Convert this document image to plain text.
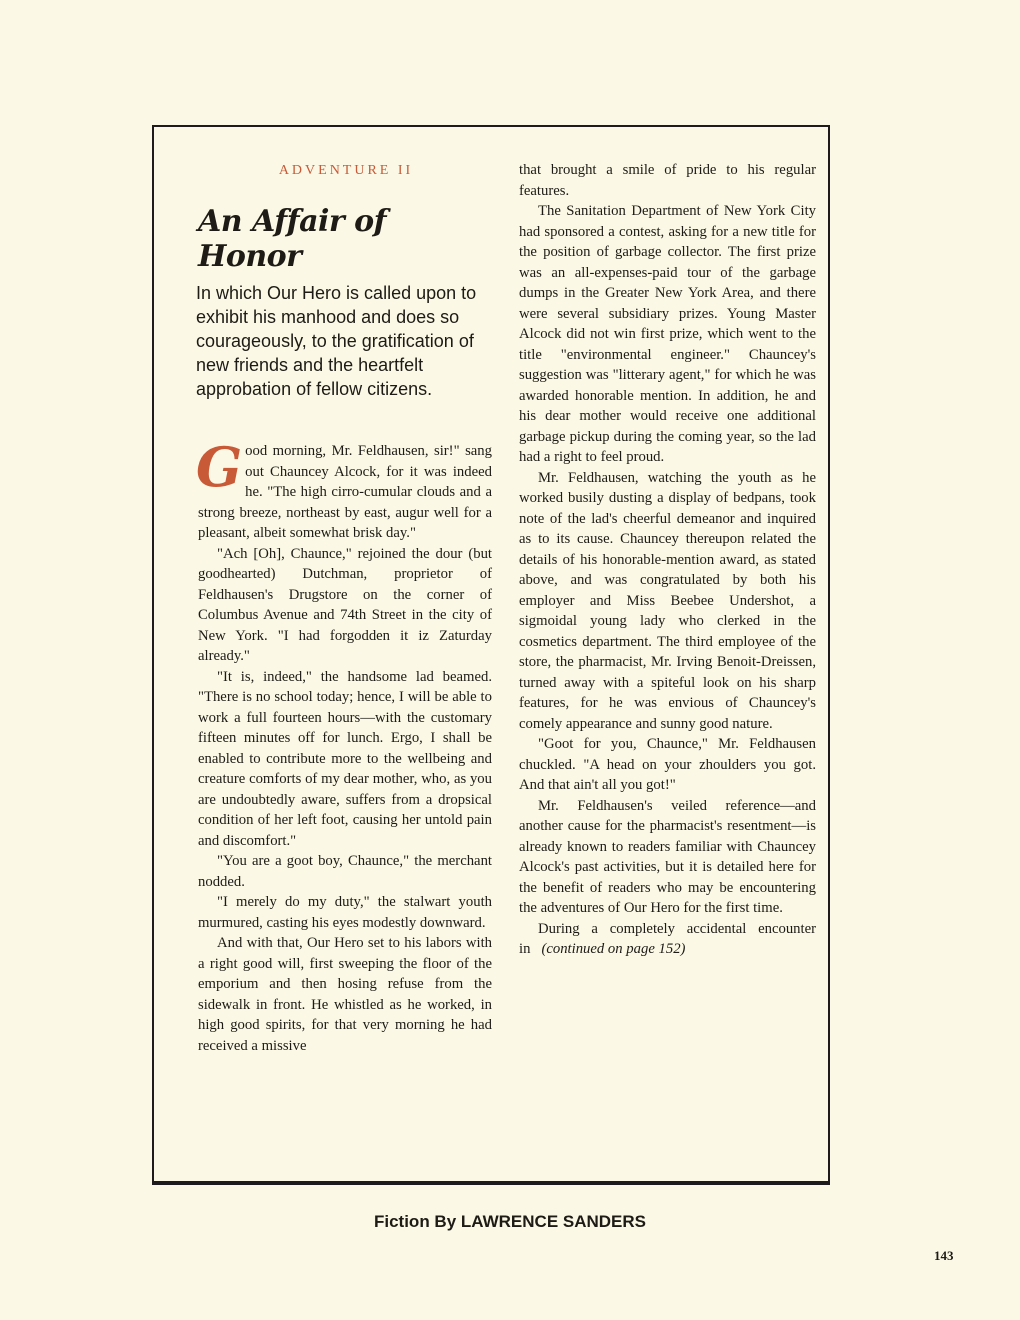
ADVENTURE II
An Affair of Honor
In which Our Hero is called upon to exhibit his manhood and does so courageously, to the gratification of new friends and the heartfelt approbation of fellow citizens.

Good morning, Mr. Feldhausen, sir!" sang out Chauncey Alcock, for it was indeed he. "The high cirro-cumular clouds and a strong breeze, northeast by east, augur well for a pleasant, albeit somewhat brisk day."

"Ach [Oh], Chaunce," rejoined the dour (but goodhearted) Dutchman, proprietor of Feldhausen's Drugstore on the corner of Columbus Avenue and 74th Street in the city of New York. "I had forgodden it iz Zaturday already."

"It is, indeed," the handsome lad beamed. "There is no school today; hence, I will be able to work a full fourteen hours—with the customary fifteen minutes off for lunch. Ergo, I shall be enabled to contribute more to the wellbeing and creature comforts of my dear mother, who, as you are undoubtedly aware, suffers from a dropsical condition of her left foot, causing her untold pain and discomfort."

"You are a goot boy, Chaunce," the merchant nodded.

"I merely do my duty," the stalwart youth murmured, casting his eyes modestly downward.

And with that, Our Hero set to his labors with a right good will, first sweeping the floor of the emporium and then hosing refuse from the sidewalk in front. He whistled as he worked, in high good spirits, for that very morning he had received a missive

that brought a smile of pride to his regular features.

The Sanitation Department of New York City had sponsored a contest, asking for a new title for the position of garbage collector. The first prize was an all-expenses-paid tour of the garbage dumps in the Greater New York Area, and there were several subsidiary prizes. Young Master Alcock did not win first prize, which went to the title "environmental engineer." Chauncey's suggestion was "litterary agent," for which he was awarded honorable mention. In addition, he and his dear mother would receive one additional garbage pickup during the coming year, so the lad had a right to feel proud.

Mr. Feldhausen, watching the youth as he worked busily dusting a display of bedpans, took note of the lad's cheerful demeanor and inquired as to its cause. Chauncey thereupon related the details of his honorable-mention award, as stated above, and was congratulated by both his employer and Miss Beebee Undershot, a sigmoidal young lady who clerked in the cosmetics department. The third employee of the store, the pharmacist, Mr. Irving Benoit-Dreissen, turned away with a spiteful look on his sharp features, for he was envious of Chauncey's comely appearance and sunny good nature.

"Goot for you, Chaunce," Mr. Feldhausen chuckled. "A head on your zhoulders you got. And that ain't all you got!"

Mr. Feldhausen's veiled reference—and another cause for the pharmacist's resentment—is already known to readers familiar with Chauncey Alcock's past activities, but it is detailed here for the benefit of readers who may be encountering the adventures of Our Hero for the first time.

During a completely accidental encounter in (continued on page 152)

Fiction By LAWRENCE SANDERS
143
